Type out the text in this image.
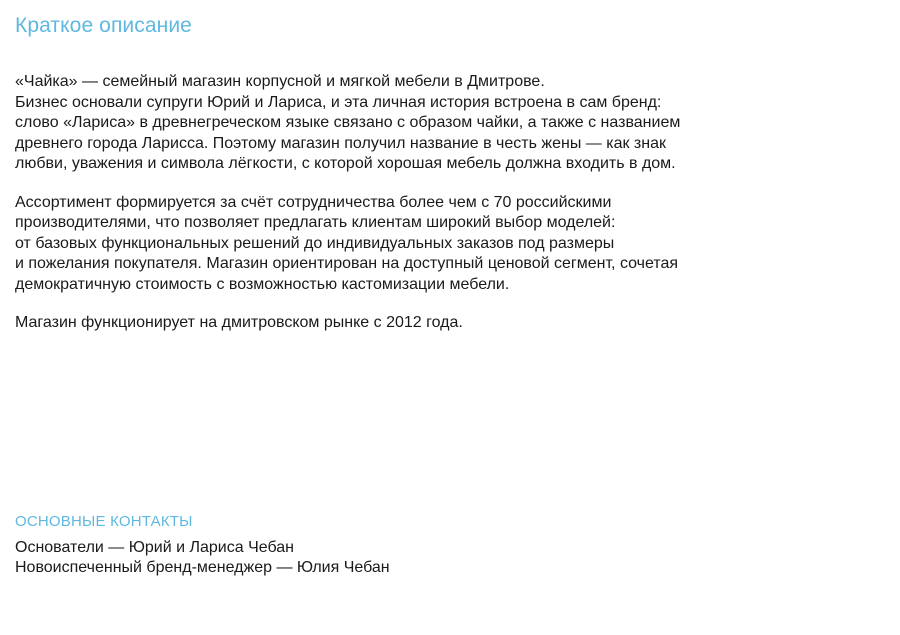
Краткое описание

«Чайка» — семейный магазин корпусной и мягкой мебели в Дмитрове.
Бизнес основали супруги Юрий и Лариса, и эта личная история встроена в сам бренд:
слово «Лариса» в древнегреческом языке связано с образом чайки, а также с названием
древнего города Ларисса. Поэтому магазин получил название в честь жены — как знак
любви, уважения и символа лёгкости, с которой хорошая мебель должна входить в дом.

Ассортимент формируется за счёт сотрудничества более чем с 70 российскими
производителями, что позволяет предлагать клиентам широкий выбор моделей:
от базовых функциональных решений до индивидуальных заказов под размеры
и пожелания покупателя. Магазин ориентирован на доступный ценовой сегмент, сочетая
демократичную стоимость с возможностью кастомизации мебели.

Магазин функционирует на дмитровском рынке с 2012 года.

ОСНОВНЫЕ КОНТАКТЫ
Основатели — Юрий и Лариса Чебан
Новоиспеченный бренд-менеджер — Юлия Чебан
